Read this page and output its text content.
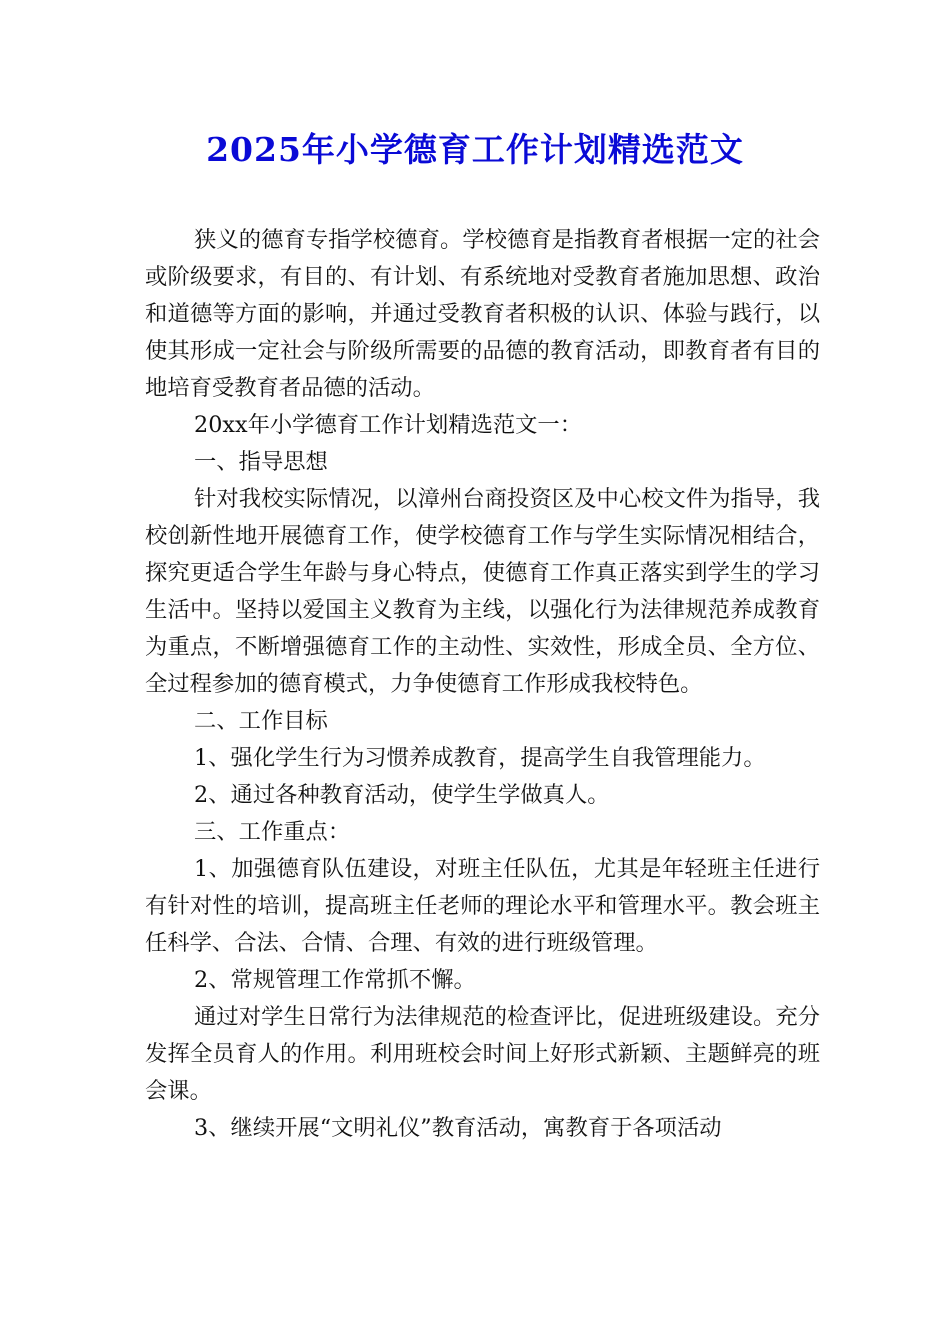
2025年小学德育工作计划精选范文

狭义的德育专指学校德育。学校德育是指教育者根据一定的社会或阶级要求，有目的、有计划、有系统地对受教育者施加思想、政治和道德等方面的影响，并通过受教育者积极的认识、体验与践行，以使其形成一定社会与阶级所需要的品德的教育活动，即教育者有目的地培育受教育者品德的活动。

20xx年小学德育工作计划精选范文一：

一、指导思想

针对我校实际情况，以漳州台商投资区及中心校文件为指导，我校创新性地开展德育工作，使学校德育工作与学生实际情况相结合，探究更适合学生年龄与身心特点，使德育工作真正落实到学生的学习生活中。坚持以爱国主义教育为主线，以强化行为法律规范养成教育为重点，不断增强德育工作的主动性、实效性，形成全员、全方位、全过程参加的德育模式，力争使德育工作形成我校特色。

二、工作目标

1、强化学生行为习惯养成教育，提高学生自我管理能力。

2、通过各种教育活动，使学生学做真人。

三、工作重点：

1、加强德育队伍建设，对班主任队伍，尤其是年轻班主任进行有针对性的培训，提高班主任老师的理论水平和管理水平。教会班主任科学、合法、合情、合理、有效的进行班级管理。

2、常规管理工作常抓不懈。

通过对学生日常行为法律规范的检查评比，促进班级建设。充分发挥全员育人的作用。利用班校会时间上好形式新颖、主题鲜亮的班会课。

3、继续开展“文明礼仪”教育活动，寓教育于各项活动
